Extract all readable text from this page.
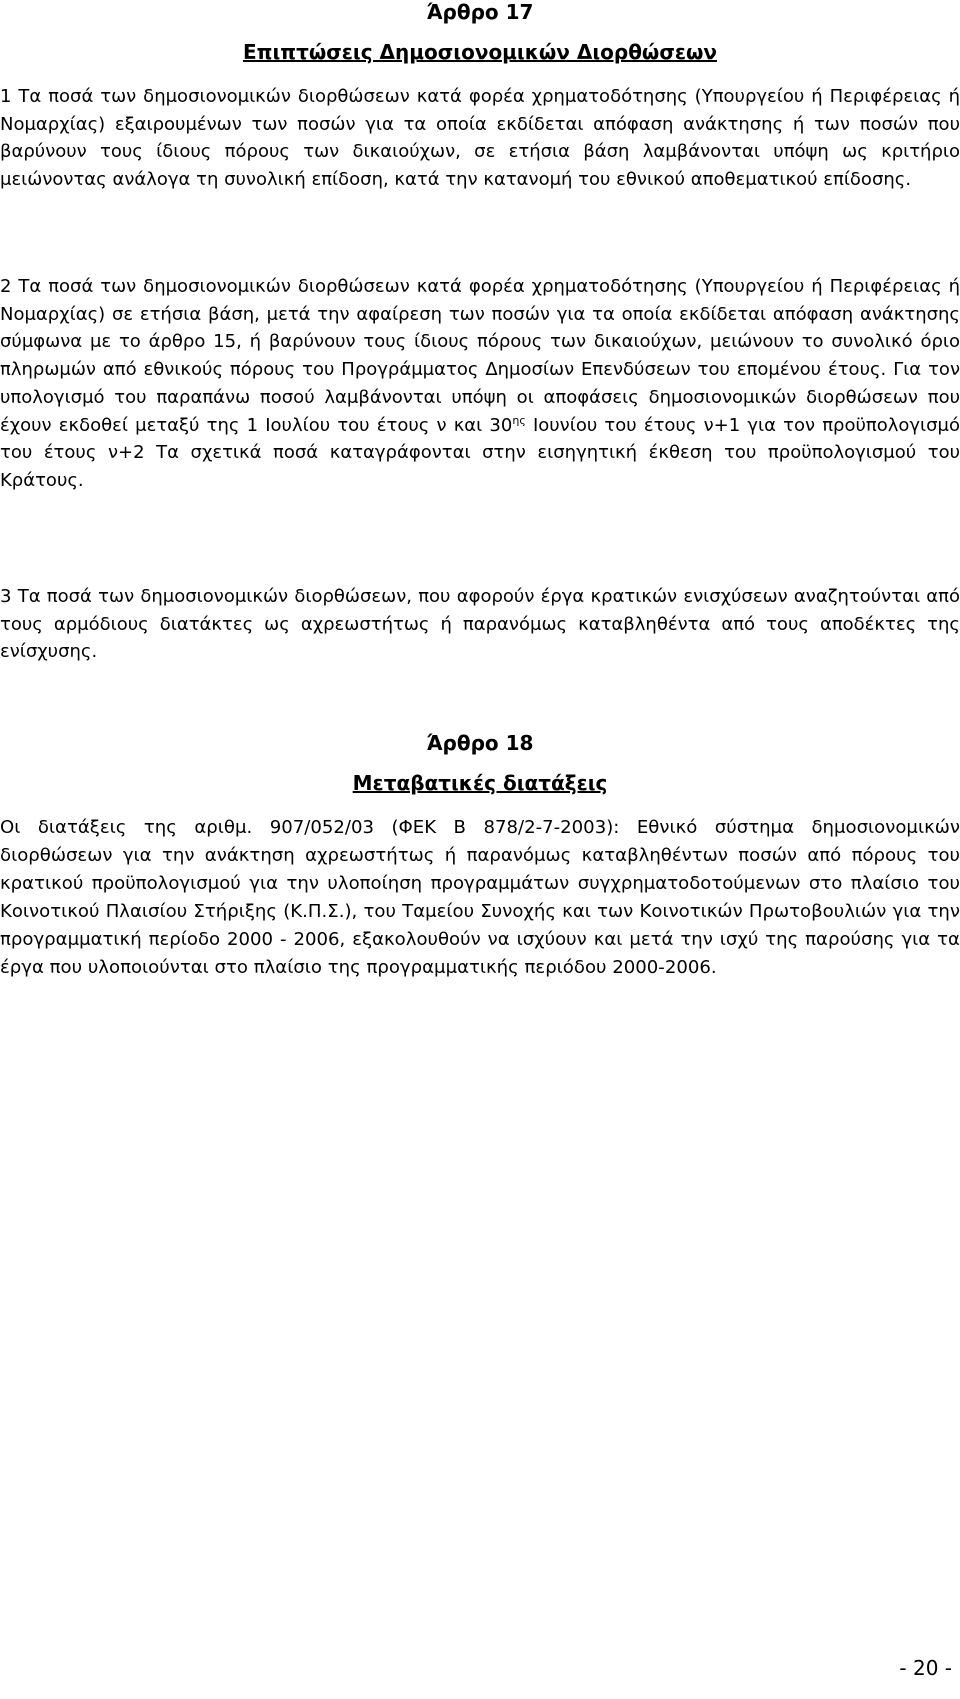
Άρθρο 17
Επιπτώσεις Δημοσιονομικών Διορθώσεων

1 Τα ποσά των δημοσιονομικών διορθώσεων κατά φορέα χρηματοδότησης (Υπουργείου ή Περιφέρειας ή Νομαρχίας) εξαιρουμένων των ποσών για τα οποία εκδίδεται απόφαση ανάκτησης ή των ποσών που βαρύνουν τους ίδιους πόρους των δικαιούχων, σε ετήσια βάση λαμβάνονται υπόψη ως κριτήριο μειώνοντας ανάλογα τη συνολική επίδοση, κατά την κατανομή του εθνικού αποθεματικού επίδοσης.

2 Τα ποσά των δημοσιονομικών διορθώσεων κατά φορέα χρηματοδότησης (Υπουργείου ή Περιφέρειας ή Νομαρχίας) σε ετήσια βάση, μετά την αφαίρεση των ποσών για τα οποία εκδίδεται απόφαση ανάκτησης σύμφωνα με το άρθρο 15, ή βαρύνουν τους ίδιους πόρους των δικαιούχων, μειώνουν το συνολικό όριο πληρωμών από εθνικούς πόρους του Προγράμματος Δημοσίων Επενδύσεων του επομένου έτους. Για τον υπολογισμό του παραπάνω ποσού λαμβάνονται υπόψη οι αποφάσεις δημοσιονομικών διορθώσεων που έχουν εκδοθεί μεταξύ της 1 Ιουλίου του έτους ν και $30^{\eta\varsigma}$ Ιουνίου του έτους ν+1 για τον προϋπολογισμό του έτους ν+2 Τα σχετικά ποσά καταγράφονται στην εισηγητική έκθεση του προϋπολογισμού του Κράτους.

3 Τα ποσά των δημοσιονομικών διορθώσεων, που αφορούν έργα κρατικών ενισχύσεων αναζητούνται από τους αρμόδιους διατάκτες ως αχρεωστήτως ή παρανόμως καταβληθέντα από τους αποδέκτες της ενίσχυσης.

Άρθρο 18
Μεταβατικές διατάξεις

Οι διατάξεις της αριθμ. 907/052/03 (ΦΕΚ Β 878/2-7-2003): Εθνικό σύστημα δημοσιονομικών διορθώσεων για την ανάκτηση αχρεωστήτως ή παρανόμως καταβληθέντων ποσών από πόρους του κρατικού προϋπολογισμού για την υλοποίηση προγραμμάτων συγχρηματοδοτούμενων στο πλαίσιο του Κοινοτικού Πλαισίου Στήριξης (Κ.Π.Σ.), του Ταμείου Συνοχής και των Κοινοτικών Πρωτοβουλιών για την προγραμματική περίοδο 2000 - 2006, εξακολουθούν να ισχύουν και μετά την ισχύ της παρούσης για τα έργα που υλοποιούνται στο πλαίσιο της προγραμματικής περιόδου 2000-2006.

- 20 -
